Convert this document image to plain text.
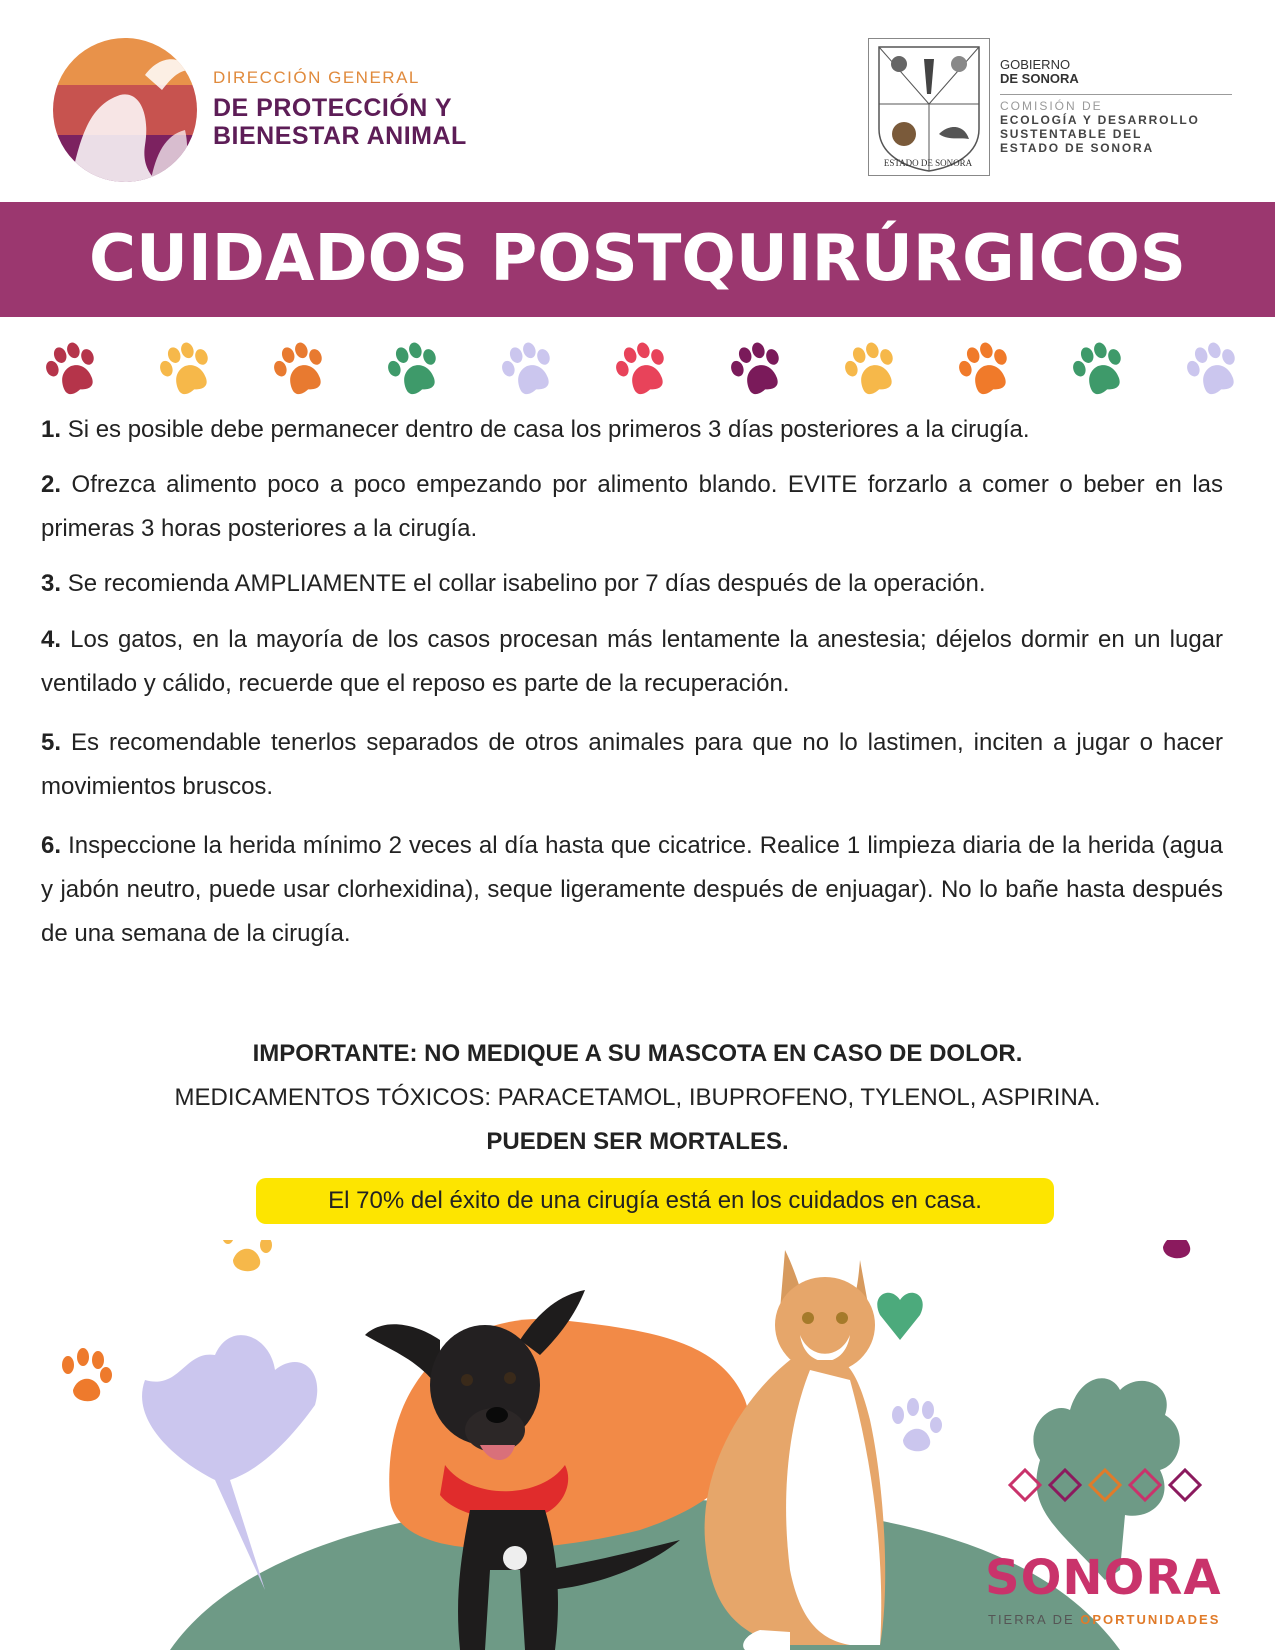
DIRECCIÓN GENERAL
DE PROTECCIÓN Y
BIENESTAR ANIMAL
ESTADO DE SONORA
GOBIERNO
DE SONORA
COMISIÓN DE
ECOLOGÍA Y DESARROLLO
SUSTENTABLE DEL
ESTADO DE SONORA
CUIDADOS POSTQUIRÚRGICOS
1. Si es posible debe permanecer dentro de casa los primeros 3 días posteriores a la cirugía.
2. Ofrezca alimento poco a poco empezando por alimento blando. EVITE forzarlo a comer o beber en las primeras 3 horas posteriores a la cirugía.
3. Se recomienda AMPLIAMENTE el collar isabelino por 7 días después de la operación.
4. Los gatos, en la mayoría de los casos procesan más lentamente la anestesia; déjelos dormir en un lugar ventilado y cálido, recuerde que el reposo es parte de la recuperación.
5. Es recomendable tenerlos separados de otros animales para que no lo lastimen, inciten a jugar o hacer movimientos bruscos.
6. Inspeccione la herida mínimo 2 veces al día hasta que cicatrice. Realice 1 limpieza diaria de la herida (agua y jabón neutro, puede usar clorhexidina), seque ligeramente después de enjuagar). No lo bañe hasta después de una semana de la cirugía.
IMPORTANTE: NO MEDIQUE A SU MASCOTA EN CASO DE DOLOR.
MEDICAMENTOS TÓXICOS: PARACETAMOL, IBUPROFENO, TYLENOL, ASPIRINA.
PUEDEN SER MORTALES.
El 70% del éxito de una cirugía está en los cuidados en casa.
SONORA
TIERRA DE OPORTUNIDADES
